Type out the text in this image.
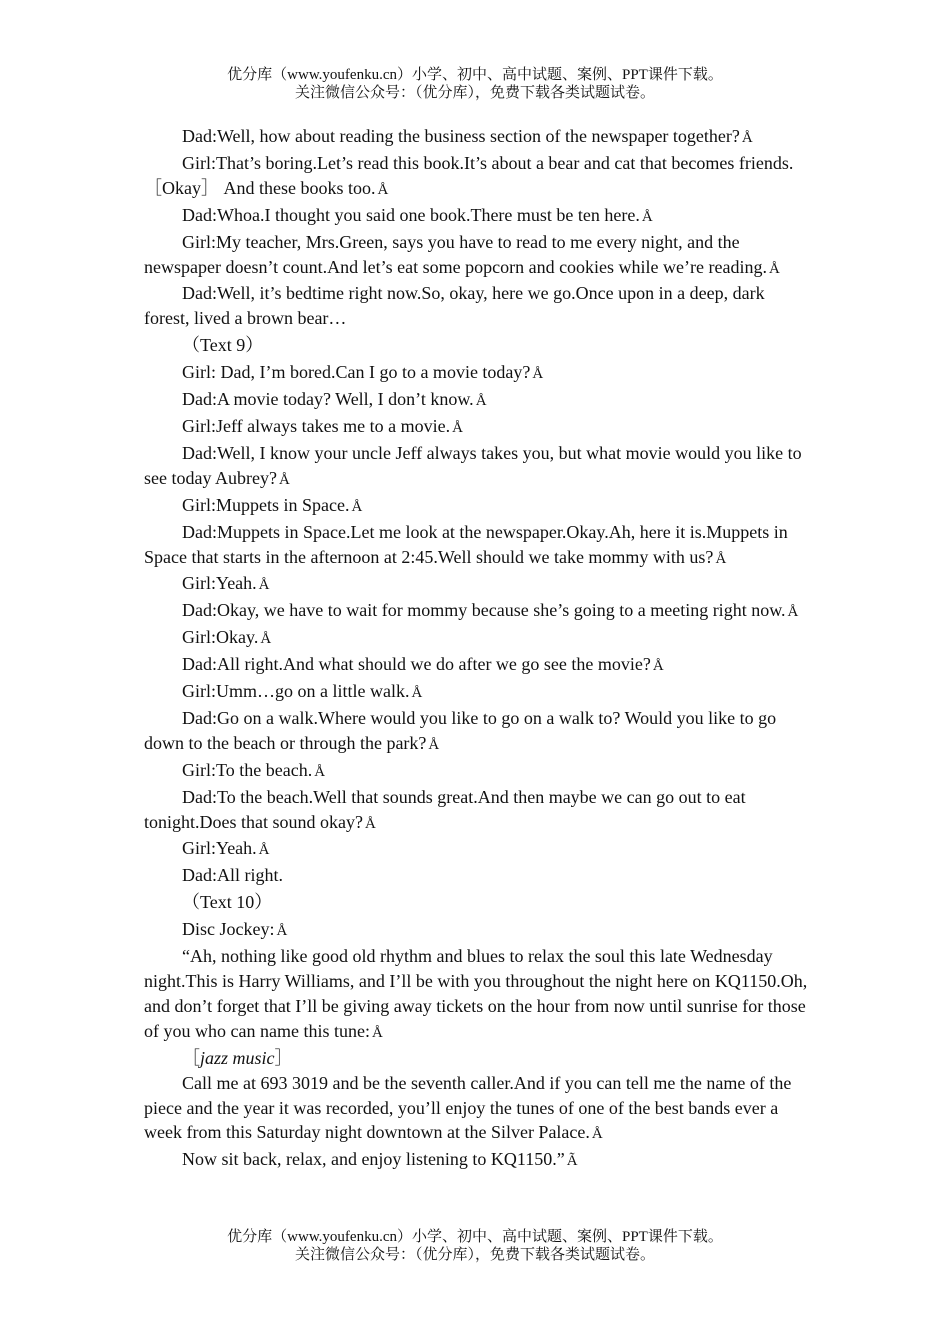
优分库（www.youfenku.cn）小学、初中、高中试题、案例、PPT课件下载。
关注微信公众号：（优分库），免费下载各类试题试卷。

Dad:Well, how about reading the business section of the newspaper together? Å

Girl:That’s boring.Let’s read this book.It’s about a bear and cat that becomes friends.［Okay］ And these books too. Å

Dad:Whoa.I thought you said one book.There must be ten here. Å

Girl:My teacher, Mrs.Green, says you have to read to me every night, and the newspaper doesn’t count.And let’s eat some popcorn and cookies while we’re reading. Å

Dad:Well, it’s bedtime right now.So, okay, here we go.Once upon in a deep, dark forest, lived a brown bear…

（Text 9）

Girl: Dad, I’m bored.Can I go to a movie today? Å

Dad:A movie today? Well, I don’t know. Å

Girl:Jeff always takes me to a movie. Å

Dad:Well, I know your uncle Jeff always takes you, but what movie would you like to see today Aubrey? Å

Girl:Muppets in Space. Å

Dad:Muppets in Space.Let me look at the newspaper.Okay.Ah, here it is.Muppets in Space that starts in the afternoon at 2:45.Well should we take mommy with us? Å

Girl:Yeah. Å

Dad:Okay, we have to wait for mommy because she’s going to a meeting right now. Å

Girl:Okay. Å

Dad:All right.And what should we do after we go see the movie? Å

Girl:Umm…go on a little walk. Å

Dad:Go on a walk.Where would you like to go on a walk to? Would you like to go down to the beach or through the park? Å

Girl:To the beach. Å

Dad:To the beach.Well that sounds great.And then maybe we can go out to eat tonight.Does that sound okay? Å

Girl:Yeah. Å

Dad:All right.

（Text 10）

Disc Jockey: Å

“Ah, nothing like good old rhythm and blues to relax the soul this late Wednesday night.This is Harry Williams, and I’ll be with you throughout the night here on KQ1150.Oh, and don’t forget that I’ll be giving away tickets on the hour from now until sunrise for those of you who can name this tune: Å

［jazz music］

Call me at 693 3019 and be the seventh caller.And if you can tell me the name of the piece and the year it was recorded, you’ll enjoy the tunes of one of the best bands ever a week from this Saturday night downtown at the Silver Palace. Å

Now sit back, relax, and enjoy listening to KQ1150.” Ã

优分库（www.youfenku.cn）小学、初中、高中试题、案例、PPT课件下载。
关注微信公众号：（优分库），免费下载各类试题试卷。
